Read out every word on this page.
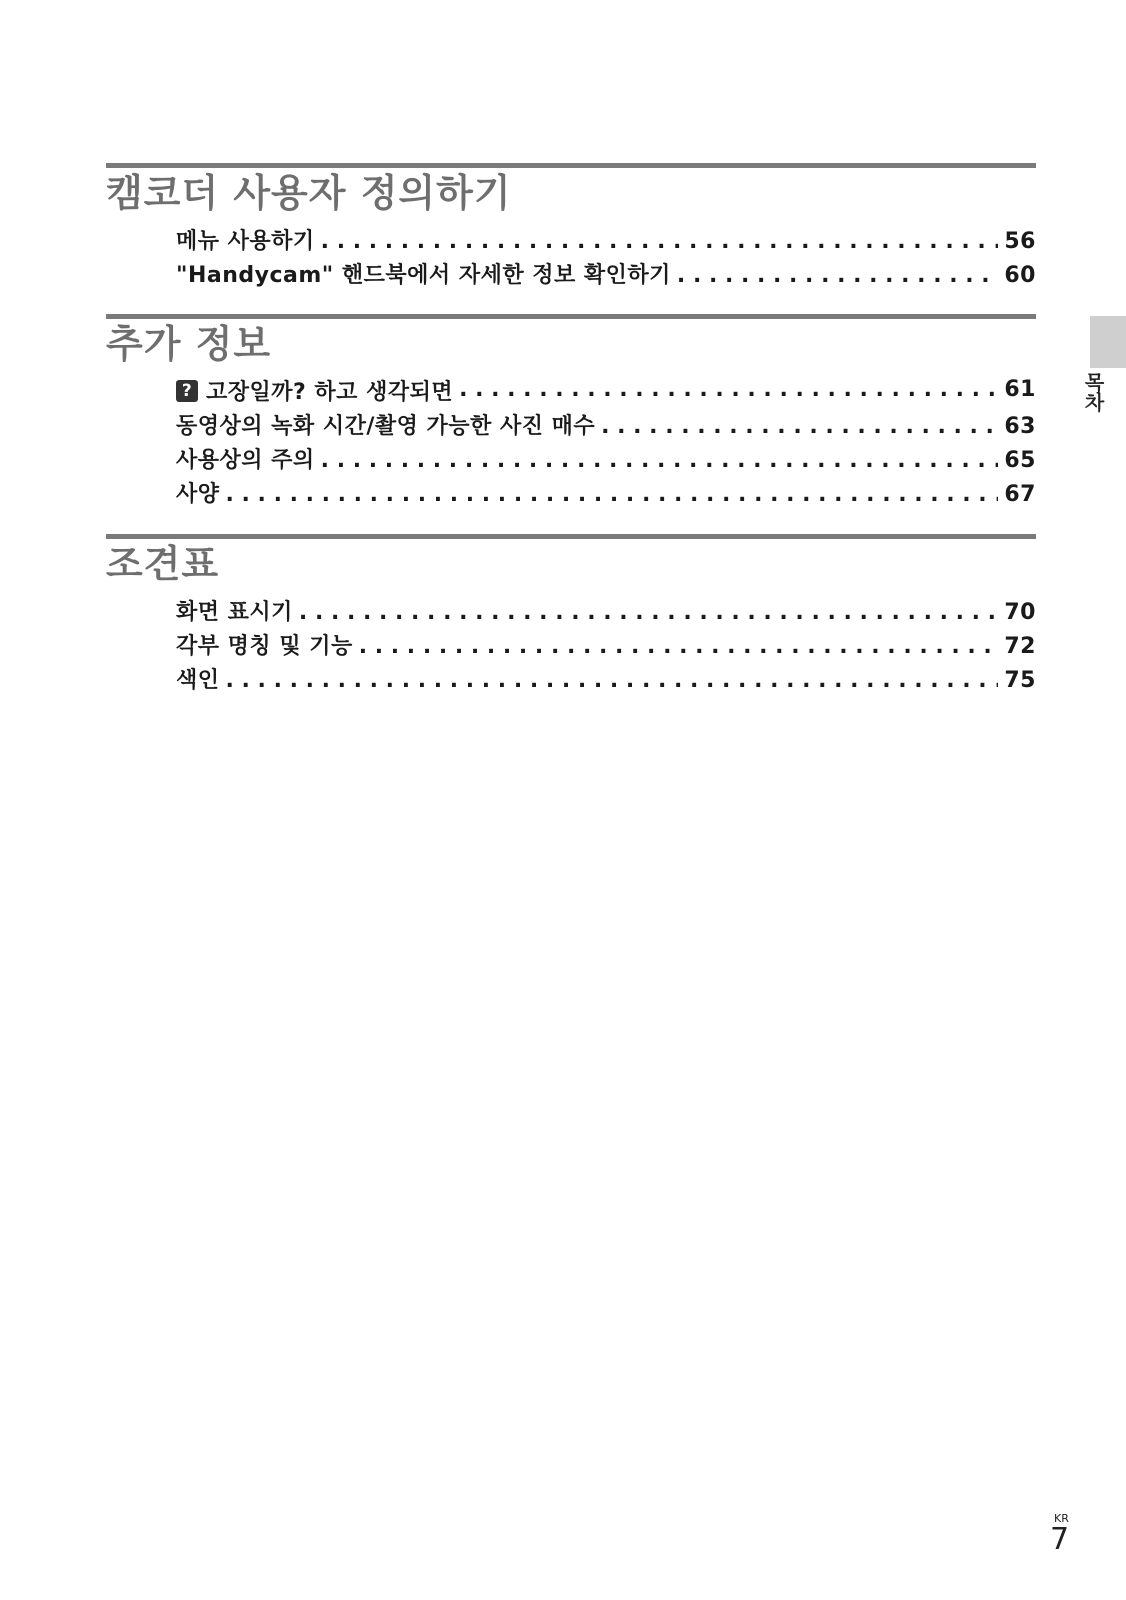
캠코더 사용자 정의하기
메뉴 사용하기 . . .	56
"Handycam" 핸드북에서 자세한 정보 확인하기 . . .	60
추가 정보
? 고장일까? 하고 생각되면 . . .	61
동영상의 녹화 시간/촬영 가능한 사진 매수 . . .	63
사용상의 주의 . . .	65
사양 . . .	67
조견표
화면 표시기 . . .	70
각부 명칭 및 기능 . . .	72
색인 . . .	75
목차
KR
7
